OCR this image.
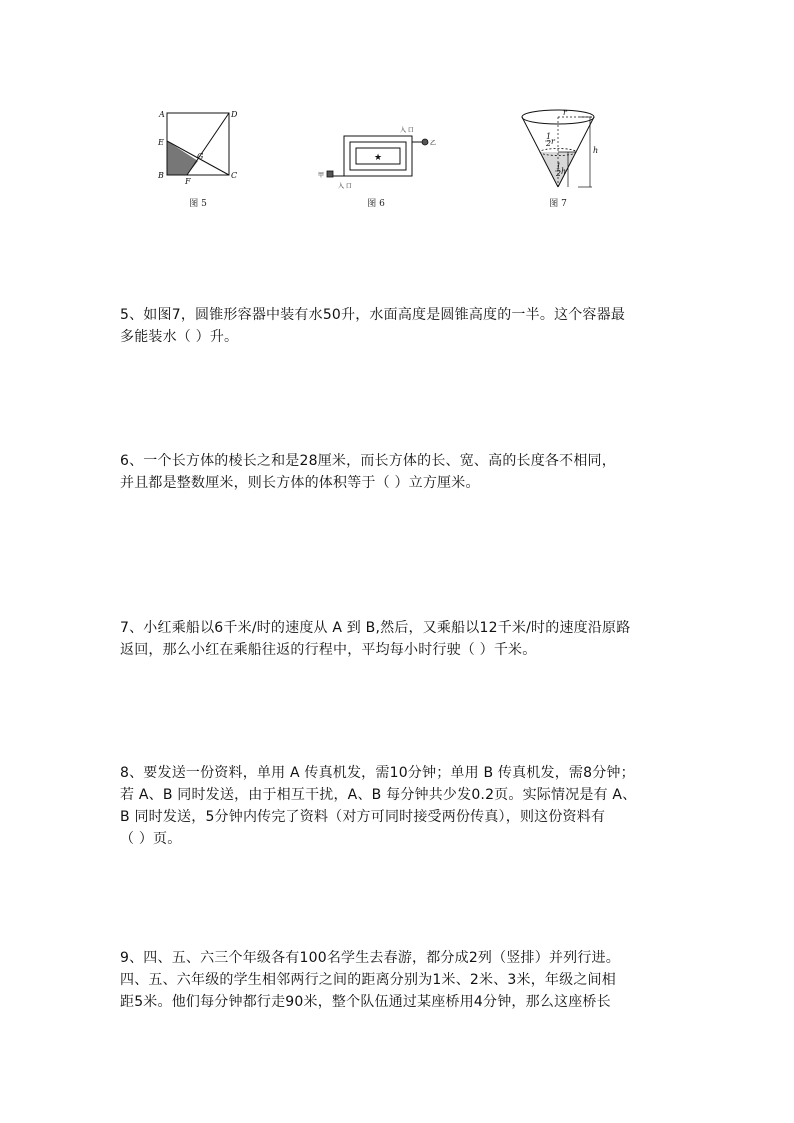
A	D
E
B
F
C
G
图 5
★
乙
入 口
甲
入 口
图 6
r
1
2 r
h
1
2 h
图 7

5、如图7，圆锥形容器中装有水50升，水面高度是圆锥高度的一半。这个容器最

多能装水（ ）升。

6、一个长方体的棱长之和是28厘米，而长方体的长、宽、高的长度各不相同，

并且都是整数厘米，则长方体的体积等于（ ）立方厘米。

7、小红乘船以6千米/时的速度从 A 到 B,然后，又乘船以12千米/时的速度沿原路

返回，那么小红在乘船往返的行程中，平均每小时行驶（ ）千米。

8、要发送一份资料，单用 A 传真机发，需10分钟；单用 B 传真机发，需8分钟；

若 A、B 同时发送，由于相互干扰，A、B 每分钟共少发0.2页。实际情况是有 A、

B 同时发送，5分钟内传完了资料（对方可同时接受两份传真），则这份资料有

（ ）页。

9、四、五、六三个年级各有100名学生去春游，都分成2列（竖排）并列行进。

四、五、六年级的学生相邻两行之间的距离分别为1米、2米、3米，年级之间相

距5米。他们每分钟都行走90米，整个队伍通过某座桥用4分钟，那么这座桥长
